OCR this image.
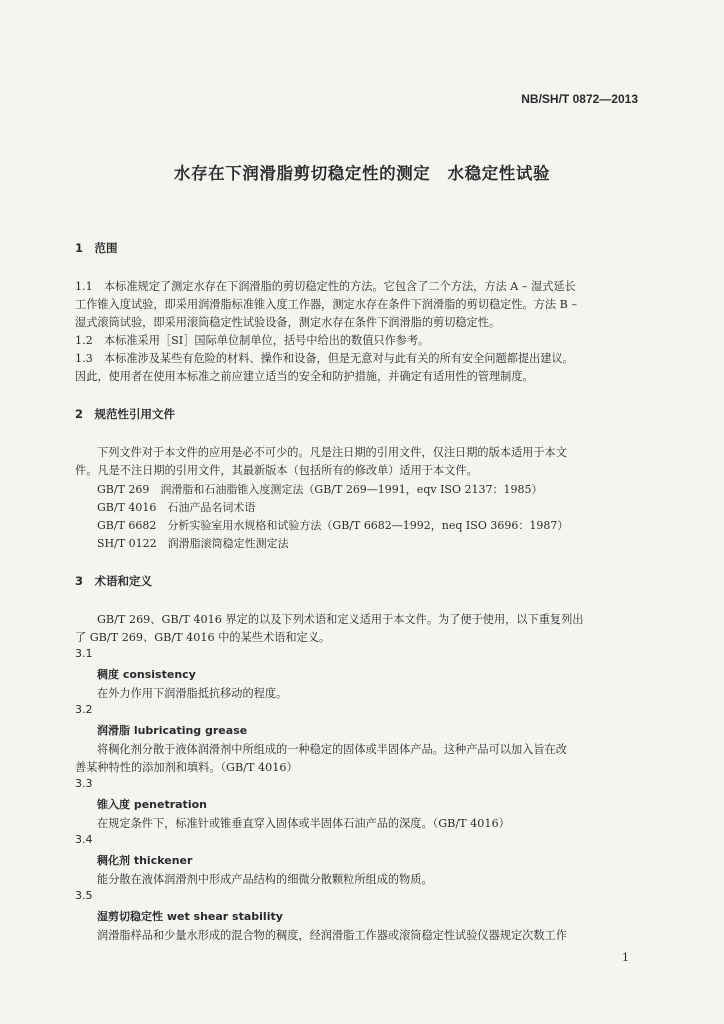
NB/SH/T 0872—2013
水存在下润滑脂剪切稳定性的测定　水稳定性试验
1　范围
1.1　本标准规定了测定水存在下润滑脂的剪切稳定性的方法。它包含了二个方法，方法 A – 湿式延长
工作锥入度试验，即采用润滑脂标准锥入度工作器，测定水存在条件下润滑脂的剪切稳定性。方法 B –
湿式滚筒试验，即采用滚筒稳定性试验设备，测定水存在条件下润滑脂的剪切稳定性。
1.2　本标准采用［SI］国际单位制单位，括号中给出的数值只作参考。
1.3　本标准涉及某些有危险的材料、操作和设备，但是无意对与此有关的所有安全问题都提出建议。
因此，使用者在使用本标准之前应建立适当的安全和防护措施，并确定有适用性的管理制度。
2　规范性引用文件
下列文件对于本文件的应用是必不可少的。凡是注日期的引用文件，仅注日期的版本适用于本文
件。凡是不注日期的引用文件，其最新版本（包括所有的修改单）适用于本文件。
GB/T 269　润滑脂和石油脂锥入度测定法（GB/T 269—1991，eqv ISO 2137：1985）
GB/T 4016　石油产品名词术语
GB/T 6682　分析实验室用水规格和试验方法（GB/T 6682—1992，neq ISO 3696：1987）
SH/T 0122　润滑脂滚筒稳定性测定法
3　术语和定义
GB/T 269、GB/T 4016 界定的以及下列术语和定义适用于本文件。为了便于使用，以下重复列出
了 GB/T 269、GB/T 4016 中的某些术语和定义。
3.1
稠度 consistency
在外力作用下润滑脂抵抗移动的程度。
3.2
润滑脂 lubricating grease
将稠化剂分散于液体润滑剂中所组成的一种稳定的固体或半固体产品。这种产品可以加入旨在改
善某种特性的添加剂和填料。（GB/T 4016）
3.3
锥入度 penetration
在规定条件下，标准针或锥垂直穿入固体或半固体石油产品的深度。（GB/T 4016）
3.4
稠化剂 thickener
能分散在液体润滑剂中形成产品结构的细微分散颗粒所组成的物质。
3.5
湿剪切稳定性 wet shear stability
润滑脂样品和少量水形成的混合物的稠度，经润滑脂工作器或滚筒稳定性试验仪器规定次数工作
1
